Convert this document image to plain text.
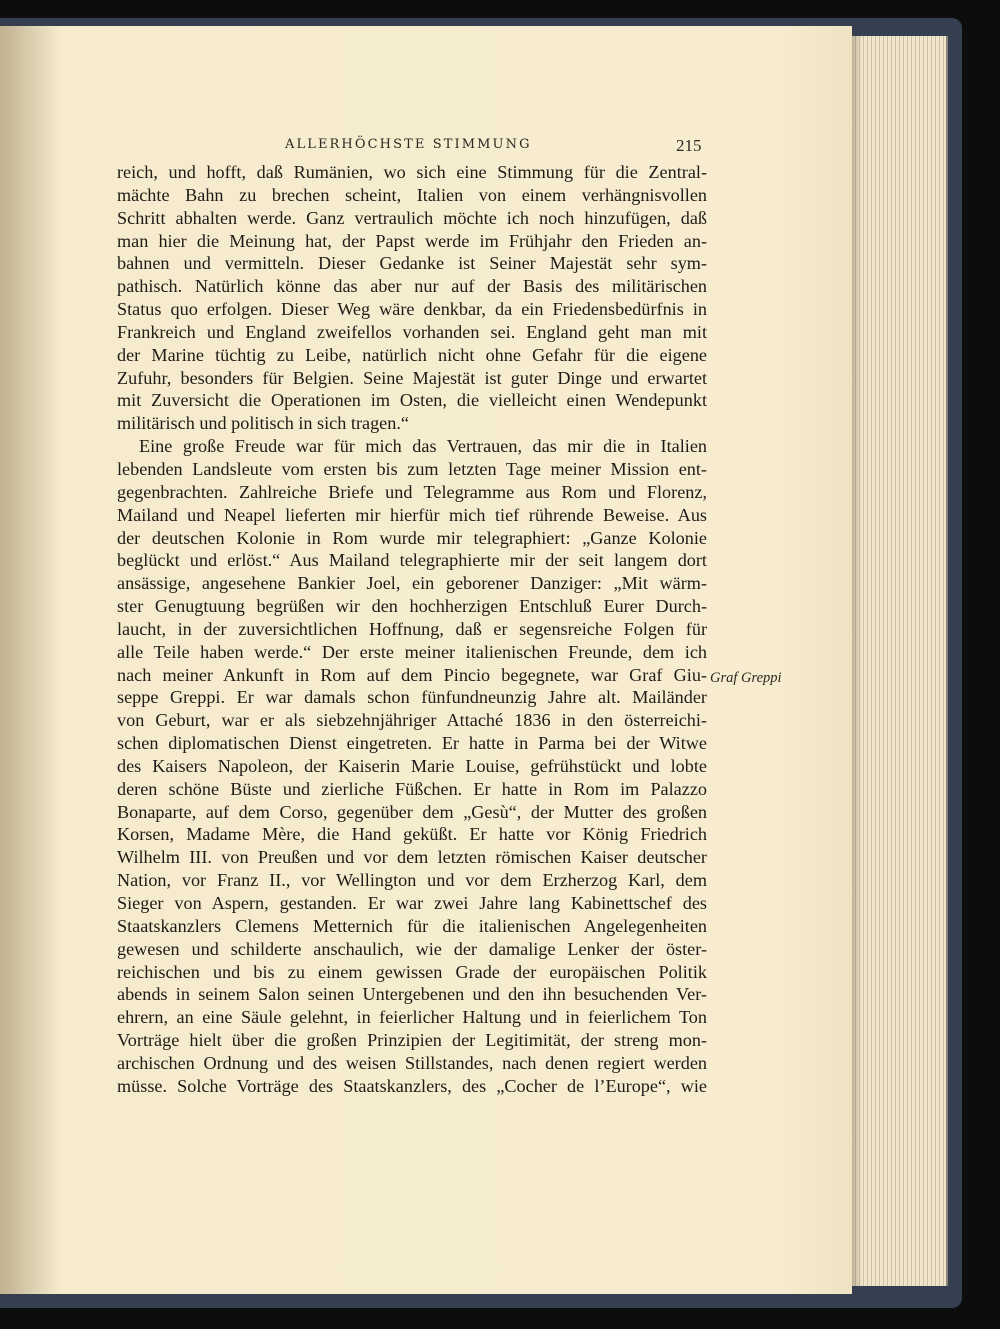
ALLERHÖCHSTE STIMMUNG	215
reich, und hofft, daß Rumänien, wo sich eine Stimmung für die Zentral-
mächte Bahn zu brechen scheint, Italien von einem verhängnisvollen
Schritt abhalten werde. Ganz vertraulich möchte ich noch hinzufügen, daß
man hier die Meinung hat, der Papst werde im Frühjahr den Frieden an-
bahnen und vermitteln. Dieser Gedanke ist Seiner Majestät sehr sym-
pathisch. Natürlich könne das aber nur auf der Basis des militärischen
Status quo erfolgen. Dieser Weg wäre denkbar, da ein Friedensbedürfnis in
Frankreich und England zweifellos vorhanden sei. England geht man mit
der Marine tüchtig zu Leibe, natürlich nicht ohne Gefahr für die eigene
Zufuhr, besonders für Belgien. Seine Majestät ist guter Dinge und erwartet
mit Zuversicht die Operationen im Osten, die vielleicht einen Wendepunkt
militärisch und politisch in sich tragen.“
Eine große Freude war für mich das Vertrauen, das mir die in Italien
lebenden Landsleute vom ersten bis zum letzten Tage meiner Mission ent-
gegenbrachten. Zahlreiche Briefe und Telegramme aus Rom und Florenz,
Mailand und Neapel lieferten mir hierfür mich tief rührende Beweise. Aus
der deutschen Kolonie in Rom wurde mir telegraphiert: „Ganze Kolonie
beglückt und erlöst.“ Aus Mailand telegraphierte mir der seit langem dort
ansässige, angesehene Bankier Joel, ein geborener Danziger: „Mit wärm-
ster Genugtuung begrüßen wir den hochherzigen Entschluß Eurer Durch-
laucht, in der zuversichtlichen Hoffnung, daß er segensreiche Folgen für
alle Teile haben werde.“ Der erste meiner italienischen Freunde, dem ich
nach meiner Ankunft in Rom auf dem Pincio begegnete, war Graf Giu-
seppe Greppi. Er war damals schon fünfundneunzig Jahre alt. Mailänder
von Geburt, war er als siebzehnjähriger Attaché 1836 in den österreichi-
schen diplomatischen Dienst eingetreten. Er hatte in Parma bei der Witwe
des Kaisers Napoleon, der Kaiserin Marie Louise, gefrühstückt und lobte
deren schöne Büste und zierliche Füßchen. Er hatte in Rom im Palazzo
Bonaparte, auf dem Corso, gegenüber dem „Gesù“, der Mutter des großen
Korsen, Madame Mère, die Hand geküßt. Er hatte vor König Friedrich
Wilhelm III. von Preußen und vor dem letzten römischen Kaiser deutscher
Nation, vor Franz II., vor Wellington und vor dem Erzherzog Karl, dem
Sieger von Aspern, gestanden. Er war zwei Jahre lang Kabinettschef des
Staatskanzlers Clemens Metternich für die italienischen Angelegenheiten
gewesen und schilderte anschaulich, wie der damalige Lenker der öster-
reichischen und bis zu einem gewissen Grade der europäischen Politik
abends in seinem Salon seinen Untergebenen und den ihn besuchenden Ver-
ehrern, an eine Säule gelehnt, in feierlicher Haltung und in feierlichem Ton
Vorträge hielt über die großen Prinzipien der Legitimität, der streng mon-
archischen Ordnung und des weisen Stillstandes, nach denen regiert werden
müsse. Solche Vorträge des Staatskanzlers, des „Cocher de l’Europe“, wie
Graf Greppi
